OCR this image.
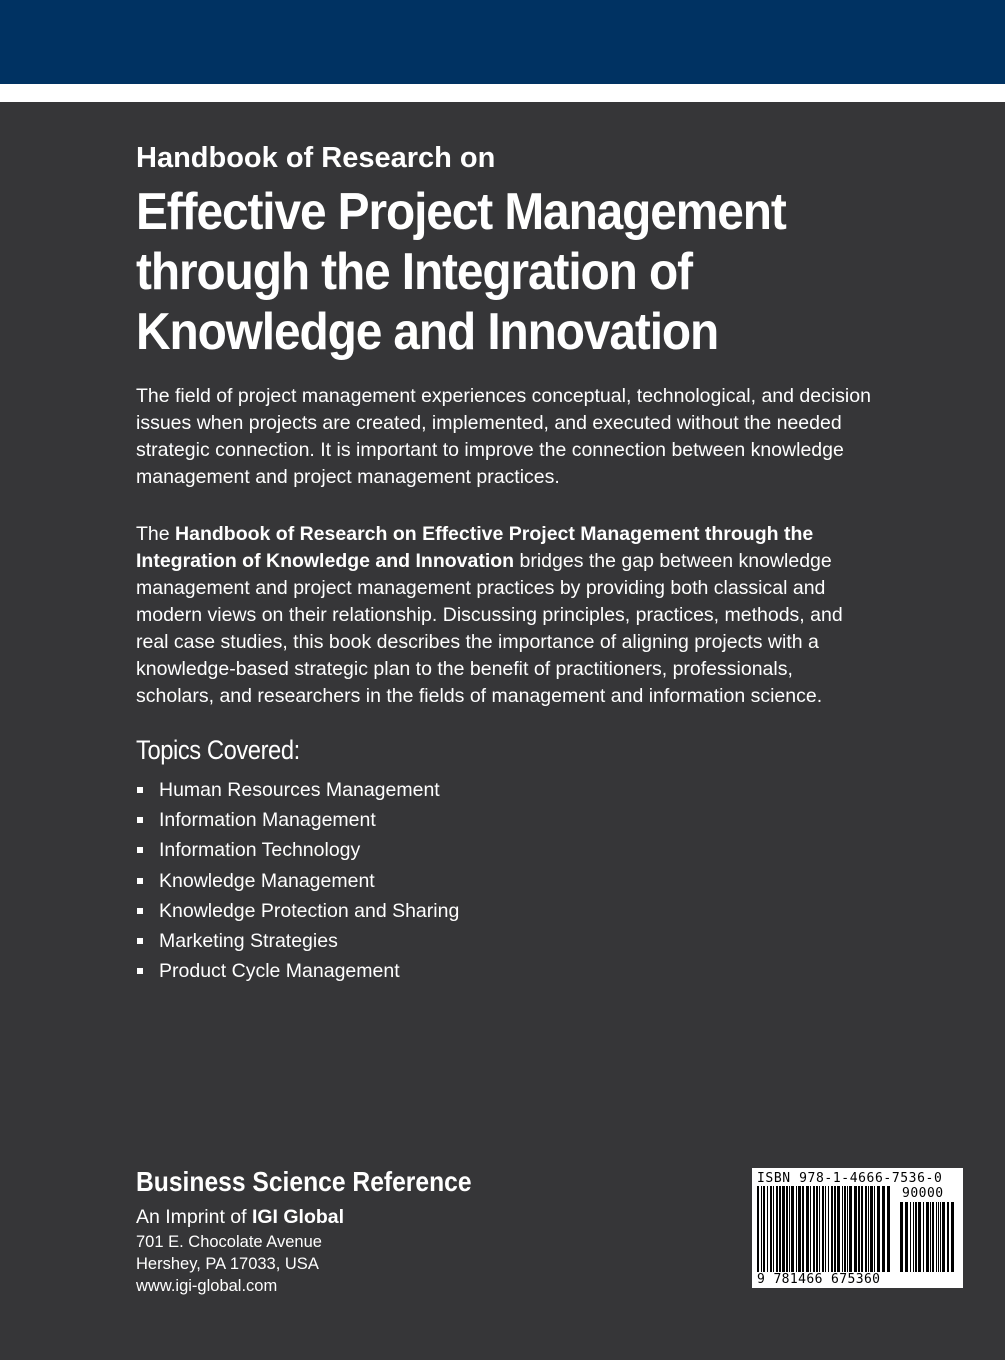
Handbook of Research on

Effective Project Management
through the Integration of
Knowledge and Innovation

The field of project management experiences conceptual, technological, and decision issues when projects are created, implemented, and executed without the needed strategic connection. It is important to improve the connection between knowledge management and project management practices.

The Handbook of Research on Effective Project Management through the Integration of Knowledge and Innovation bridges the gap between knowledge management and project management practices by providing both classical and modern views on their relationship. Discussing principles, practices, methods, and real case studies, this book describes the importance of aligning projects with a knowledge-based strategic plan to the benefit of practitioners, professionals, scholars, and researchers in the fields of management and information science.

Topics Covered:
Human Resources Management
Information Management
Information Technology
Knowledge Management
Knowledge Protection and Sharing
Marketing Strategies
Product Cycle Management

Business Science Reference

An Imprint of IGI Global
701 E. Chocolate Avenue
Hershey, PA 17033, USA
www.igi-global.com
ISBN 978-1-4666-7536-0
90000
9 781466 675360
